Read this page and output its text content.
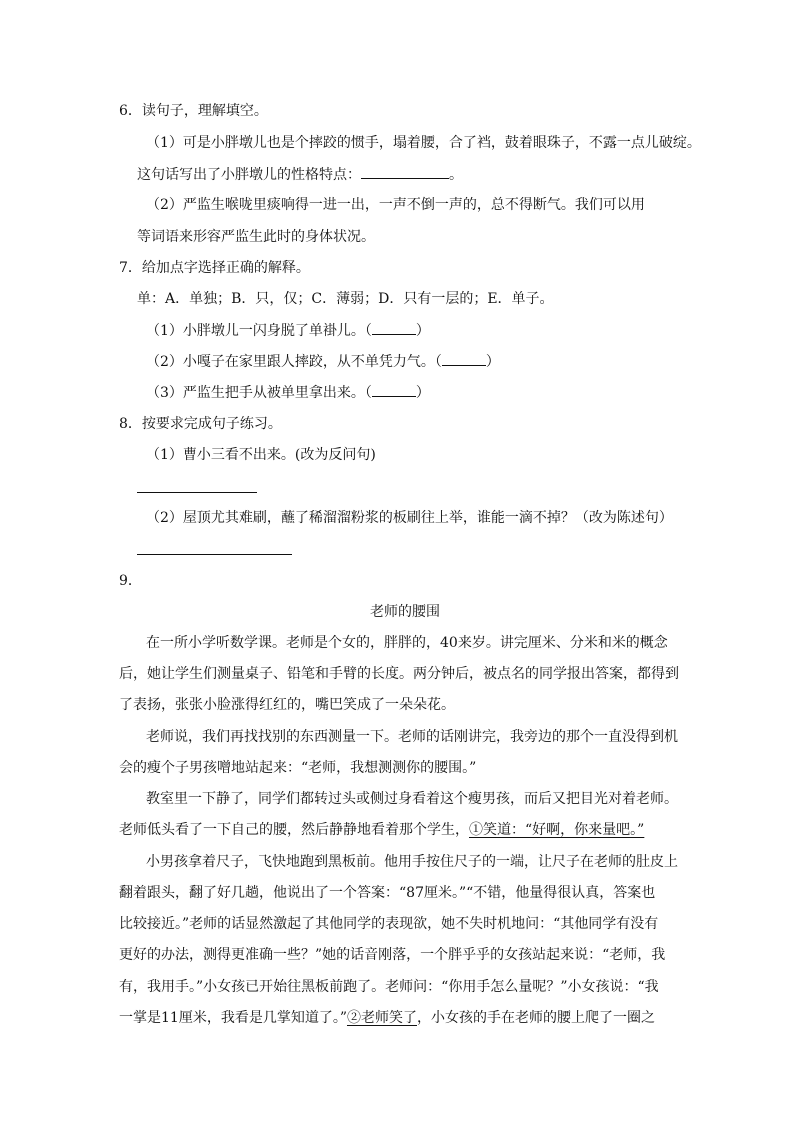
6．读句子，理解填空。
（1）可是小胖墩儿也是个摔跤的惯手，塌着腰，合了裆，鼓着眼珠子，不露一点儿破绽。
这句话写出了小胖墩儿的性格特点：	。
（2）严监生喉咙里痰响得一进一出，一声不倒一声的，总不得断气。我们可以用
等词语来形容严监生此时的身体状况。
7．给加点字选择正确的解释。
单：A．单独；B．只，仅；C．薄弱；D．只有一层的；E．单子。
（1）小胖墩儿一闪身脱了单褂儿。（	）
（2）小嘎子在家里跟人摔跤，从不单凭力气。（	）
（3）严监生把手从被单里拿出来。（	）
8．按要求完成句子练习。
（1）曹小三看不出来。(改为反问句)
（2）屋顶尤其难刷，蘸了稀溜溜粉浆的板刷往上举，谁能一滴不掉？（改为陈述句）
9．
老师的腰围
在一所小学听数学课。老师是个女的，胖胖的，40来岁。讲完厘米、分米和米的概念
后，她让学生们测量桌子、铅笔和手臂的长度。两分钟后，被点名的同学报出答案，都得到
了表扬，张张小脸涨得红红的，嘴巴笑成了一朵朵花。
老师说，我们再找找别的东西测量一下。老师的话刚讲完，我旁边的那个一直没得到机
会的瘦个子男孩噌地站起来：“老师，我想测测你的腰围。”
教室里一下静了，同学们都转过头或侧过身看着这个瘦男孩，而后又把目光对着老师。
老师低头看了一下自己的腰，然后静静地看着那个学生，①笑道：“好啊，你来量吧。”
小男孩拿着尺子，飞快地跑到黑板前。他用手按住尺子的一端，让尺子在老师的肚皮上
翻着跟头，翻了好几趟，他说出了一个答案：“87厘米。”“不错，他量得很认真，答案也
比较接近。”老师的话显然激起了其他同学的表现欲，她不失时机地问：“其他同学有没有
更好的办法，测得更准确一些？”她的话音刚落，一个胖乎乎的女孩站起来说：“老师，我
有，我用手。”小女孩已开始往黑板前跑了。老师问：“你用手怎么量呢？”小女孩说：“我
一掌是11厘米，我看是几掌知道了。”②老师笑了，小女孩的手在老师的腰上爬了一圈之
